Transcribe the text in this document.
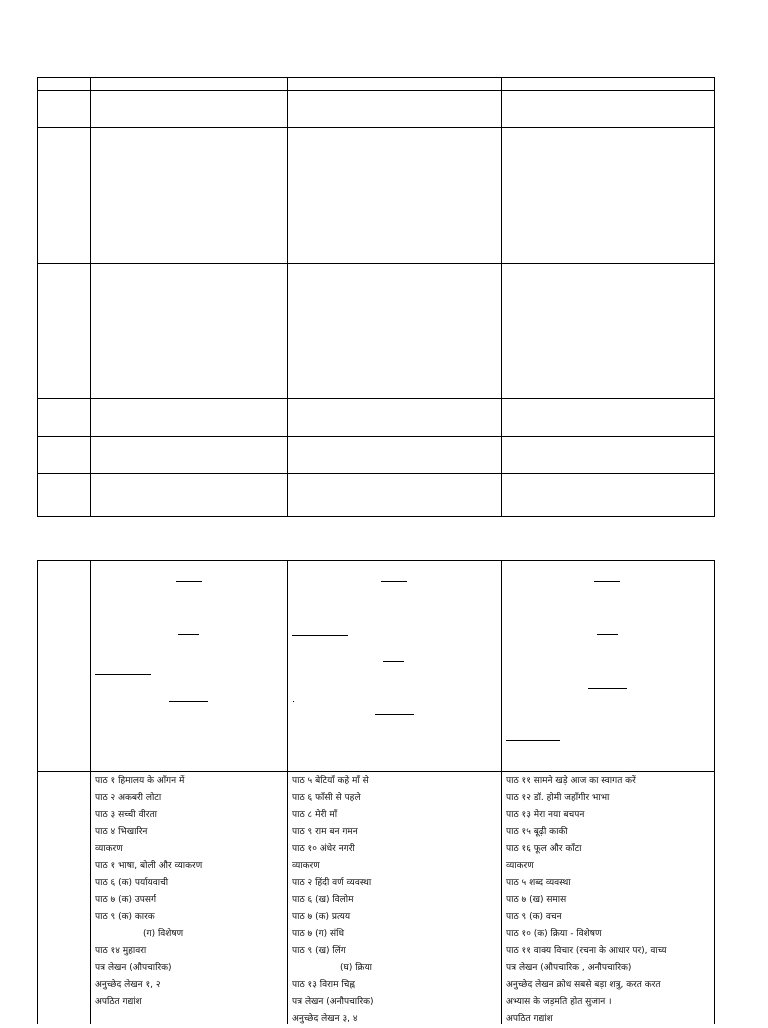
पाठ १ हिमालय के आँगन में
पाठ २ अकबरी लोटा
पाठ ३ सच्ची वीरता
पाठ ४ भिखारिन
व्याकरण
पाठ १ भाषा, बोली और व्याकरण
पाठ ६ (क) पर्यायवाची
पाठ ७ (क) उपसर्ग
पाठ ९ (क) कारक
(ग) विशेषण
पाठ १४ मुहावरा
पत्र लेखन (औपचारिक)
अनुच्छेद लेखन १, २
अपठित गद्यांश
पाठ ५ बेटियाँ कहे माँ से
पाठ ६ फाँसी से पहले
पाठ ८ मेरी माँ
पाठ ९ राम बन गमन
पाठ १० अंधेर नगरी
व्याकरण
पाठ २ हिंदी वर्ण व्यवस्था
पाठ ६ (ख) विलोम
पाठ ७ (क) प्रत्यय
पाठ ७ (ग) संधि
पाठ ९ (ख) लिंग
(घ) क्रिया
पाठ १३ विराम चिह्न
पत्र लेखन (अनौपचारिक)
अनुच्छेद लेखन ३, ४
पाठ ११ सामने खड़े आज का स्वागत करें
पाठ १२ डॉ. होमी जहाँगीर भाभा
पाठ १३ मेरा नया बचपन
पाठ १५ बूढ़ी काकी
पाठ १६ फूल और काँटा
व्याकरण
पाठ ५ शब्द व्यवस्था
पाठ ७ (ख) समास
पाठ ९ (क) वचन
पाठ १० (क) क्रिया - विशेषण
पाठ ११ वाक्य विचार (रचना के आधार पर), वाच्य
पत्र लेखन (औपचारिक , अनौपचारिक)
अनुच्छेद लेखन क्रोध सबसे बड़ा शत्रु, करत करत
अभ्यास के जड़मति होत सुजान ।
अपठित गद्यांश
